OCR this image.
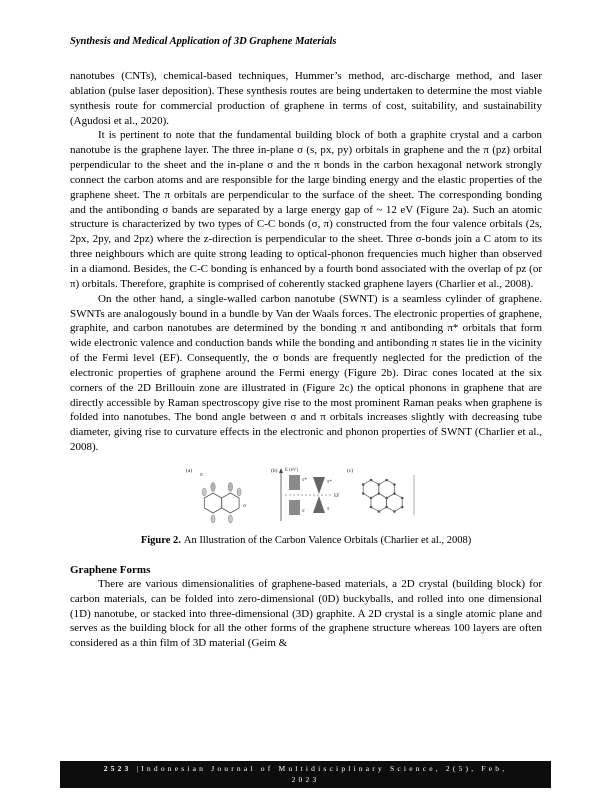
Synthesis and Medical Application of 3D Graphene Materials

nanotubes (CNTs), chemical-based techniques, Hummer’s method, arc-discharge method, and laser ablation (pulse laser deposition). These synthesis routes are being undertaken to determine the most viable synthesis route for commercial production of graphene in terms of cost, suitability, and sustainability (Agudosi et al., 2020).

It is pertinent to note that the fundamental building block of both a graphite crystal and a carbon nanotube is the graphene layer. The three in-plane σ (s, px, py) orbitals in graphene and the π (pz) orbital perpendicular to the sheet and the in-plane σ and the π bonds in the carbon hexagonal network strongly connect the carbon atoms and are responsible for the large binding energy and the elastic properties of the graphene sheet. The π orbitals are perpendicular to the surface of the sheet. The corresponding bonding and the antibonding σ bands are separated by a large energy gap of ~ 12 eV (Figure 2a). Such an atomic structure is characterized by two types of C-C bonds (σ, π) constructed from the four valence orbitals (2s, 2px, 2py, and 2pz) where the z-direction is perpendicular to the sheet. Three σ-bonds join a C atom to its three neighbours which are quite strong leading to optical-phonon frequencies much higher than observed in a diamond. Besides, the C-C bonding is enhanced by a fourth bond associated with the overlap of pz (or π) orbitals. Therefore, graphite is comprised of coherently stacked graphene layers (Charlier et al., 2008).

On the other hand, a single-walled carbon nanotube (SWNT) is a seamless cylinder of graphene. SWNTs are analogously bound in a bundle by Van der Waals forces. The electronic properties of graphene, graphite, and carbon nanotubes are determined by the bonding π and antibonding π* orbitals that form wide electronic valence and conduction bands while the bonding and antibonding π states lie in the vicinity of the Fermi level (EF). Consequently, the σ bonds are frequently neglected for the prediction of the electronic properties of graphene around the Fermi energy (Figure 2b). Dirac cones located at the six corners of the 2D Brillouin zone are illustrated in (Figure 2c) the optical phonons in graphene that are directly accessible by Raman spectroscopy give rise to the most prominent Raman peaks when graphene is folded into nanotubes. The bond angle between σ and π orbitals increases slightly with decreasing tube diameter, giving rise to curvature effects in the electronic and phonon properties of SWNT (Charlier et al., 2008).

(a)
π
σ
(b) E (eV)
σ*
σ
π*
π
EF
(c)
Figure 2. An Illustration of the Carbon Valence Orbitals (Charlier et al., 2008)
Graphene Forms

There are various dimensionalities of graphene-based materials, a 2D crystal (building block) for carbon materials, can be folded into zero-dimensional (0D) buckyballs, and rolled into one dimensional (1D) nanotube, or stacked into three-dimensional (3D) graphite. A 2D crystal is a single atomic plane and serves as the building block for all the other forms of the graphene structure whereas 100 layers are often considered as a thin film of 3D material (Geim &

2523 |Indonesian Journal of Multidisciplinary Science, 2(5), Feb,
2023
